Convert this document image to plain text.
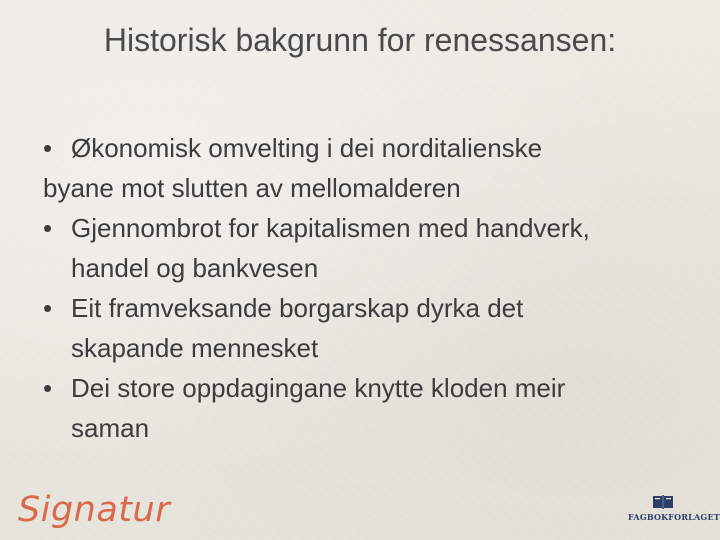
Historisk bakgrunn for renessansen:
• Økonomisk omvelting i dei norditalienske
byane mot slutten av mellomalderen
• Gjennombrot for kapitalismen med handverk,
handel og bankvesen
• Eit framveksande borgarskap dyrka det
skapande mennesket
• Dei store oppdagingane knytte kloden meir
saman
Signatur	FAGBOKFORLAGET
